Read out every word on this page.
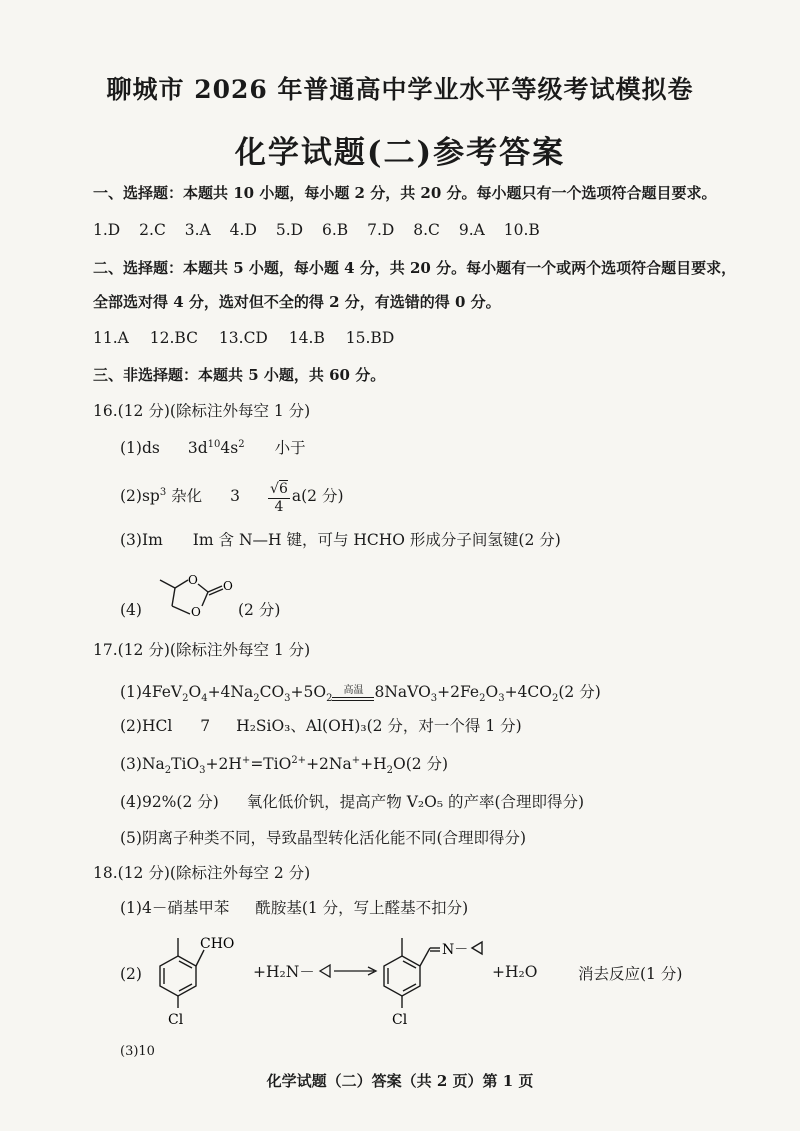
聊城市 2026 年普通高中学业水平等级考试模拟卷
化学试题(二)参考答案
一、选择题：本题共 10 小题，每小题 2 分，共 20 分。每小题只有一个选项符合题目要求。
1.D 2.C 3.A 4.D 5.D 6.B 7.D 8.C 9.A 10.B
二、选择题：本题共 5 小题，每小题 4 分，共 20 分。每小题有一个或两个选项符合题目要求，
全部选对得 4 分，选对但不全的得 2 分，有选错的得 0 分。
11.A 12.BC 13.CD 14.B 15.BD
三、非选择题：本题共 5 小题，共 60 分。
16.(12 分)(除标注外每空 1 分)
(1)ds $3d^{10}4s^2$ 小于
$(2)sp^3$ 杂化 $3 \frac{√6}{4} a(2$ 分)
(3)Im Im 含 N—H 键，可与 HCHO 形成分子间氢键(2 分)
(4)
O
O
O
(2 分)
17.(12 分)(除标注外每空 1 分)
$(1)4FeV_2O_4+4Na_2CO_3+5O_2$
高温 $8NaVO_3+2Fe_2O_3+4CO_2(2$ 分)
(2)HCl 7 H₂SiO₃、Al(OH)₃(2 分，对一个得 1 分)
$(3)Na_2TiO_3+2H^+=TiO^{2+}+2Na^++H_2O(2$ 分)
(4)92%(2 分) 氧化低价钒，提高产物 V₂O₅ 的产率(合理即得分)
(5)阴离子种类不同，导致晶型转化活化能不同(合理即得分)
18.(12 分)(除标注外每空 2 分)
(1)4－硝基甲苯 酰胺基(1 分，写上醛基不扣分)
(2)
CHO
Cl
+H₂N－
N－
Cl
+H₂O	消去反应(1 分)
(3)10
化学试题（二）答案（共 2 页）第 1 页
